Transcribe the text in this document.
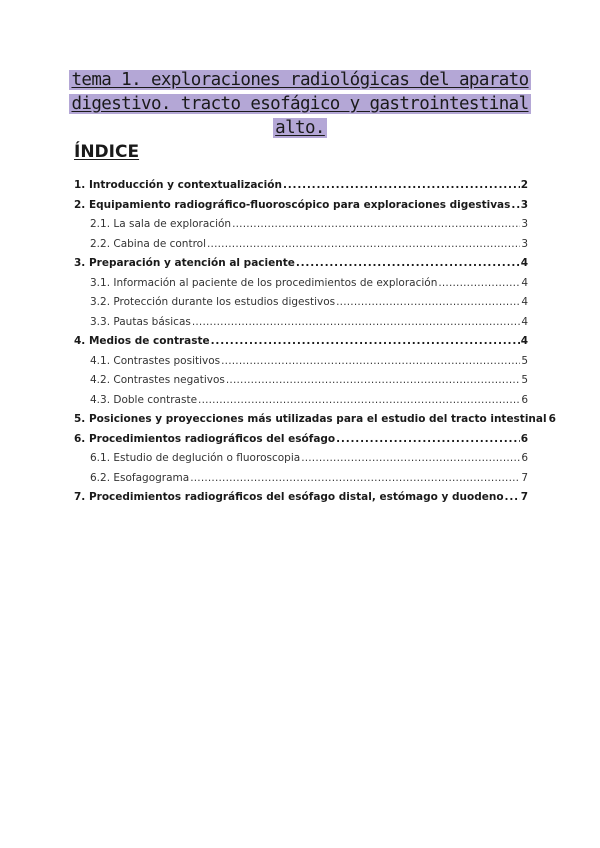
tema 1. exploraciones radiológicas del aparato
digestivo. tracto esofágico y gastrointestinal
alto.
ÍNDICE
1. Introducción y contextualización .....	2
2. Equipamiento radiográfico-fluoroscópico para exploraciones digestivas ..... 3
2.1. La sala de exploración .....	3
2.2. Cabina de control .....	3
3. Preparación y atención al paciente .....	4
3.1. Información al paciente de los procedimientos de exploración .....	4
3.2. Protección durante los estudios digestivos .....	4
3.3. Pautas básicas .....	4
4. Medios de contraste .....	4
4.1. Contrastes positivos .....	5
4.2. Contrastes negativos .....	5
4.3. Doble contraste .....	6
5. Posiciones y proyecciones más utilizadas para el estudio del tracto intestinal 6
6. Procedimientos radiográficos del esófago .....	6
6.1. Estudio de deglución o fluoroscopia .....	6
6.2. Esofagograma .....	7
7. Procedimientos radiográficos del esófago distal, estómago y duodeno ..... 7
